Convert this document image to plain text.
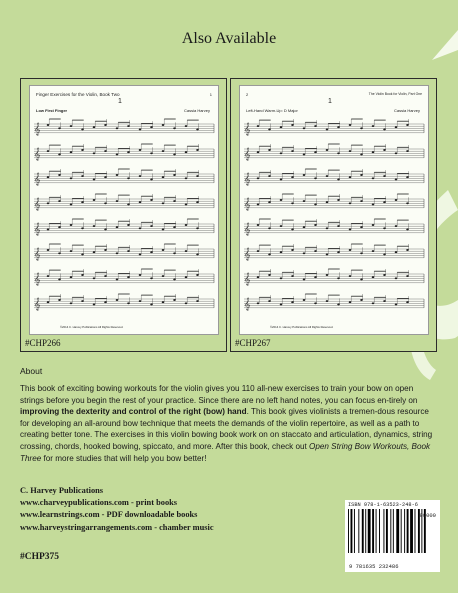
Also Available
Finger Exercises for the Violin, Book Two	1
1
Low First Finger	Cassia Harvey
𝄞
𝄞
𝄞
𝄞
𝄞
𝄞
𝄞
𝄞
©2014 C. Harvey Publications All Rights Reserved.
#CHP266
2	The Violin Book for Violin, Part One
1
Left-Hand Warm-Up: D Major	Cassia Harvey
𝄞
𝄞
𝄞
𝄞
𝄞
𝄞
𝄞
𝄞
©2014 C. Harvey Publications All Rights Reserved.
#CHP267
About
This book of exciting bowing workouts for the violin gives you 110 all-new exercises to train your bow on open strings before you begin the rest of your practice. Since there are no left hand notes, you can focus en-tirely on improving the dexterity and control of the right (bow) hand. This book gives violinists a tremen-dous resource for developing an all-around bow technique that meets the demands of the violin repertoire, as well as a path to creating better tone. The exercises in this violin bowing book work on on staccato and articulation, dynamics, string crossing, chords, hooked bowing, spiccato, and more. After this book, check out Open String Bow Workouts, Book Three for more studies that will help you bow better!
C. Harvey Publications
www.charveypublications.com - print books
www.learnstrings.com - PDF downloadable books
www.harveystringarrangements.com - chamber music
#CHP375
ISBN 978-1-63523-248-6
9 781635 232486
90000
